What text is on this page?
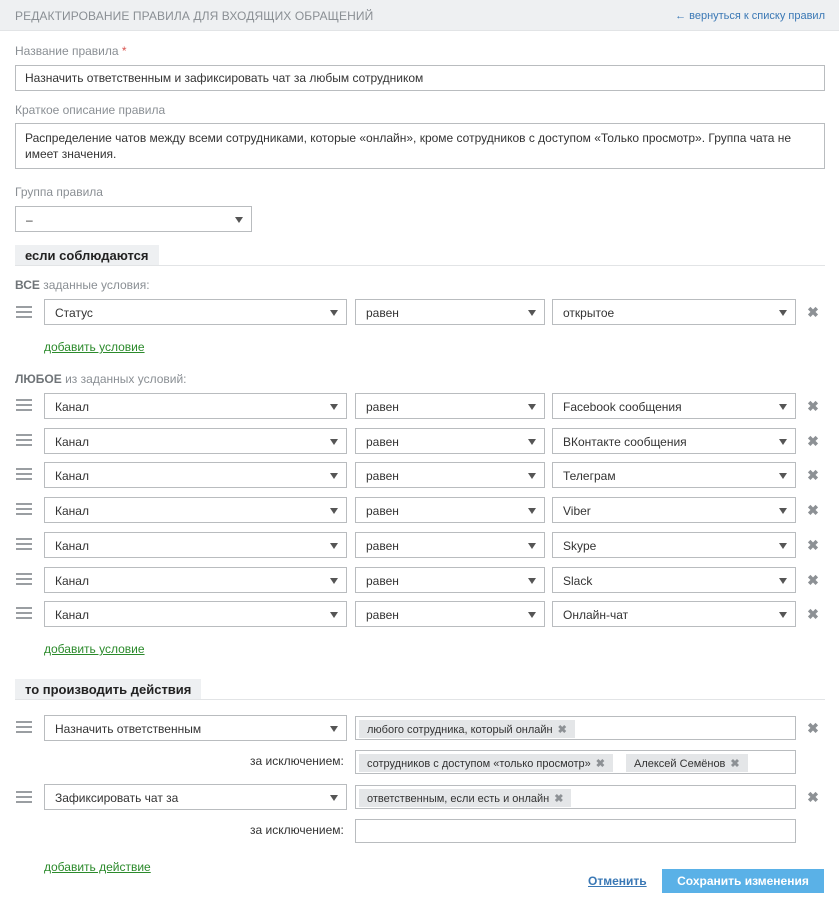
РЕДАКТИРОВАНИЕ ПРАВИЛА ДЛЯ ВХОДЯЩИХ ОБРАЩЕНИЙ	← вернуться к списку правил
Название правила *
Назначить ответственным и зафиксировать чат за любым сотрудником
Краткое описание правила
Распределение чатов между всеми сотрудниками, которые «онлайн», кроме сотрудников с доступом «Только просмотр». Группа чата не имеет значения.
Группа правила
–
если соблюдаются
ВСЕ заданные условия:
Статус	равен	открытое	✖
добавить условие
ЛЮБОЕ из заданных условий:
Канал	равен	Facebook сообщения	✖
Канал	равен	ВКонтакте сообщения	✖
Канал	равен	Телеграм	✖
Канал	равен	Viber	✖
Канал	равен	Skype	✖
Канал	равен	Slack	✖
Канал	равен	Онлайн-чат	✖
добавить условие
то производить действия
Назначить ответственным	любого сотрудника, который онлайн ✖	✖
за исключением:	сотрудников с доступом «только просмотр» ✖	Алексей Семёнов ✖
Зафиксировать чат за	ответственным, если есть и онлайн ✖	✖
за исключением:
добавить действие
Отменить	Сохранить изменения
